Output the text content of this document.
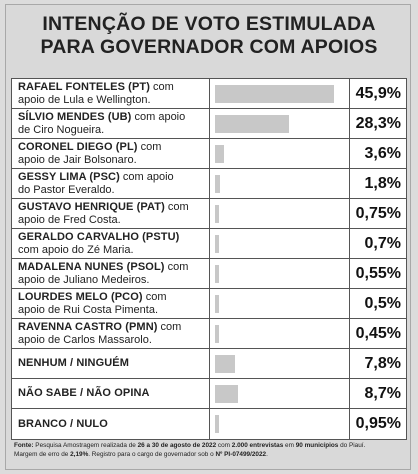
INTENÇÃO DE VOTO ESTIMULADA
PARA GOVERNADOR COM APOIOS
RAFAEL FONTELES (PT) com
apoio de Lula e Wellington.	45,9%
SÍLVIO MENDES (UB) com apoio
de Ciro Nogueira.	28,3%
CORONEL DIEGO (PL) com
apoio de Jair Bolsonaro.	3,6%
GESSY LIMA (PSC) com apoio
do Pastor Everaldo.	1,8%
GUSTAVO HENRIQUE (PAT) com
apoio de Fred Costa.	0,75%
GERALDO CARVALHO (PSTU)
com apoio do Zé Maria.	0,7%
MADALENA NUNES (PSOL) com
apoio de Juliano Medeiros.	0,55%
LOURDES MELO (PCO) com
apoio de Rui Costa Pimenta.	0,5%
RAVENNA CASTRO (PMN) com
apoio de Carlos Massarolo.	0,45%
NENHUM / NINGUÉM	7,8%
NÃO SABE / NÃO OPINA	8,7%
BRANCO / NULO	0,95%
Fonte: Pesquisa Amostragem realizada de 26 a 30 de agosto de 2022 com 2.000 entrevistas em 90 municípios do Piauí.
Margem de erro de 2,19%. Registro para o cargo de governador sob o Nº PI-07499/2022.
